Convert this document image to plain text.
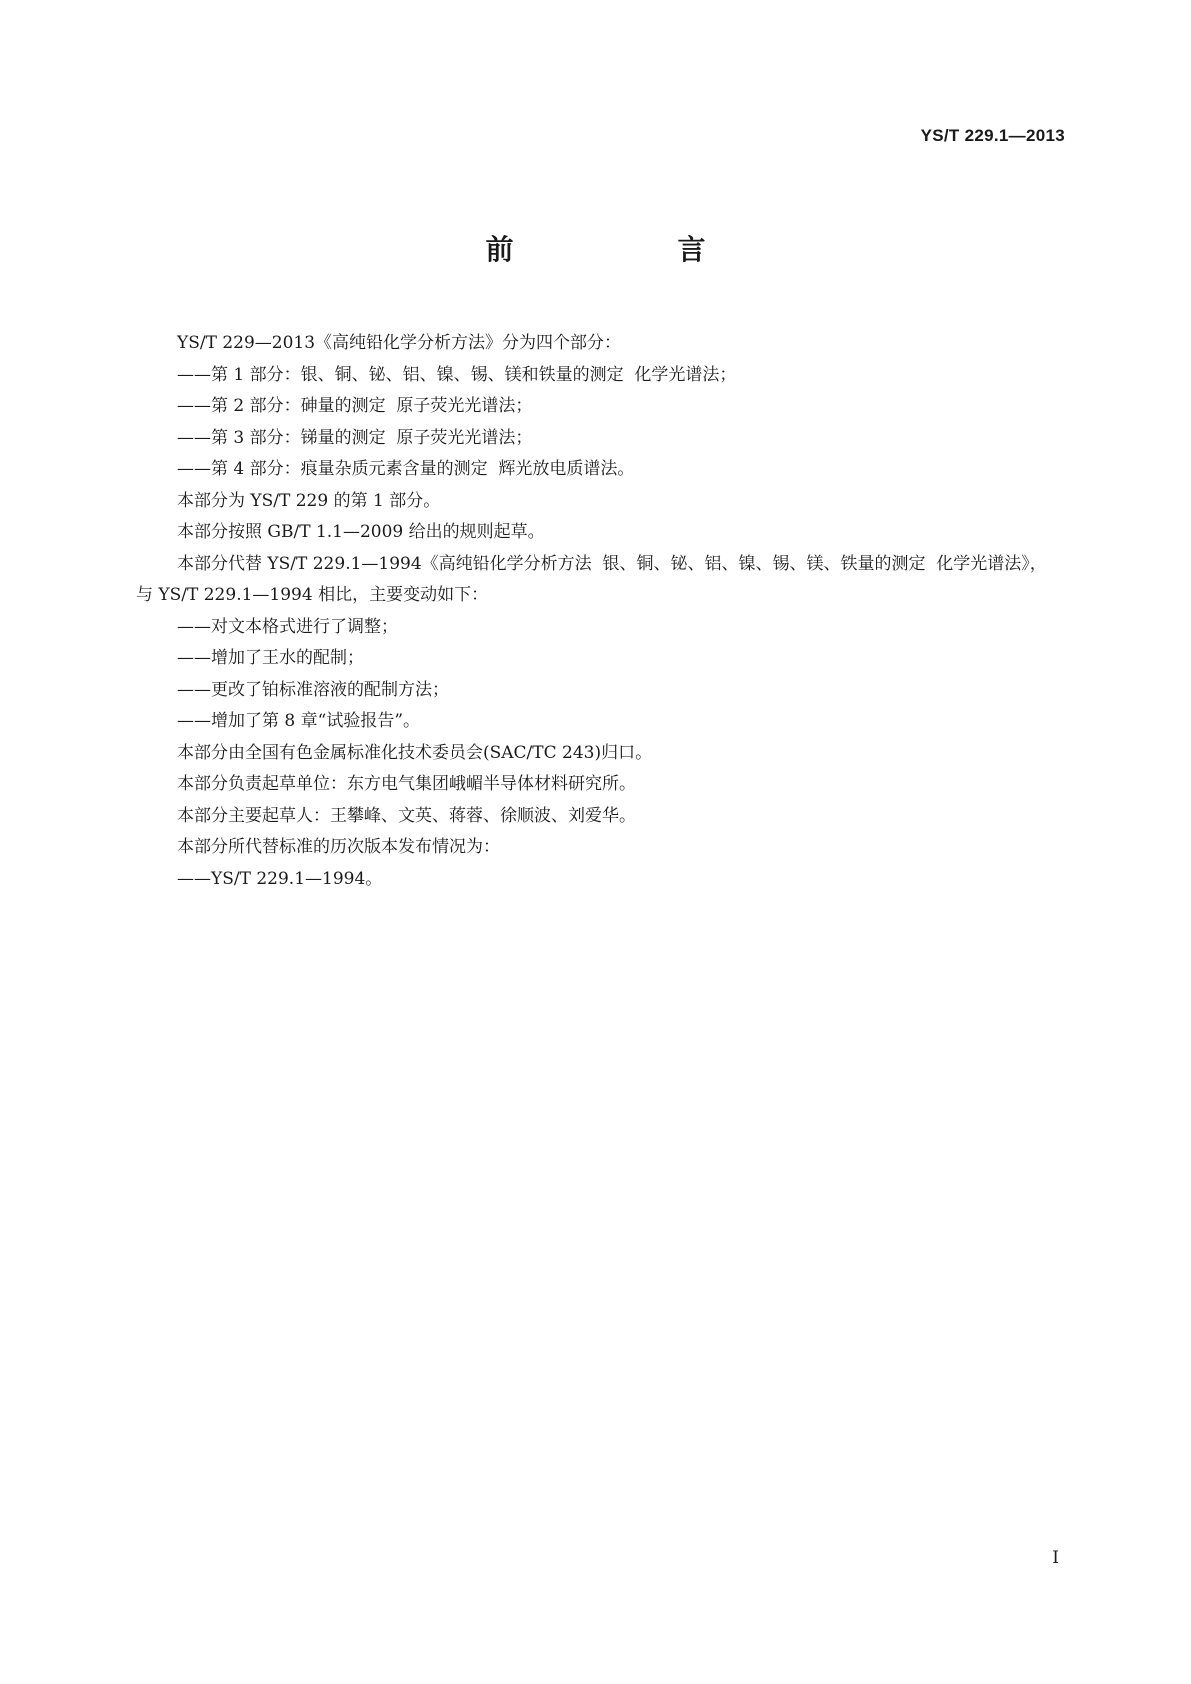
YS/T 229.1—2013
前　　言

YS/T 229—2013《高纯铅化学分析方法》分为四个部分：

——第 1 部分：银、铜、铋、铝、镍、锡、镁和铁量的测定  化学光谱法；

——第 2 部分：砷量的测定  原子荧光光谱法；

——第 3 部分：锑量的测定  原子荧光光谱法；

——第 4 部分：痕量杂质元素含量的测定  辉光放电质谱法。

本部分为 YS/T 229 的第 1 部分。

本部分按照 GB/T 1.1—2009 给出的规则起草。

本部分代替 YS/T 229.1—1994《高纯铅化学分析方法  银、铜、铋、铝、镍、锡、镁、铁量的测定  化学光谱法》，与 YS/T 229.1—1994 相比，主要变动如下：

——对文本格式进行了调整；

——增加了王水的配制；

——更改了铂标准溶液的配制方法；

——增加了第 8 章“试验报告”。

本部分由全国有色金属标准化技术委员会(SAC/TC 243)归口。

本部分负责起草单位：东方电气集团峨嵋半导体材料研究所。

本部分主要起草人：王攀峰、文英、蒋蓉、徐顺波、刘爱华。

本部分所代替标准的历次版本发布情况为：

——YS/T 229.1—1994。

I
